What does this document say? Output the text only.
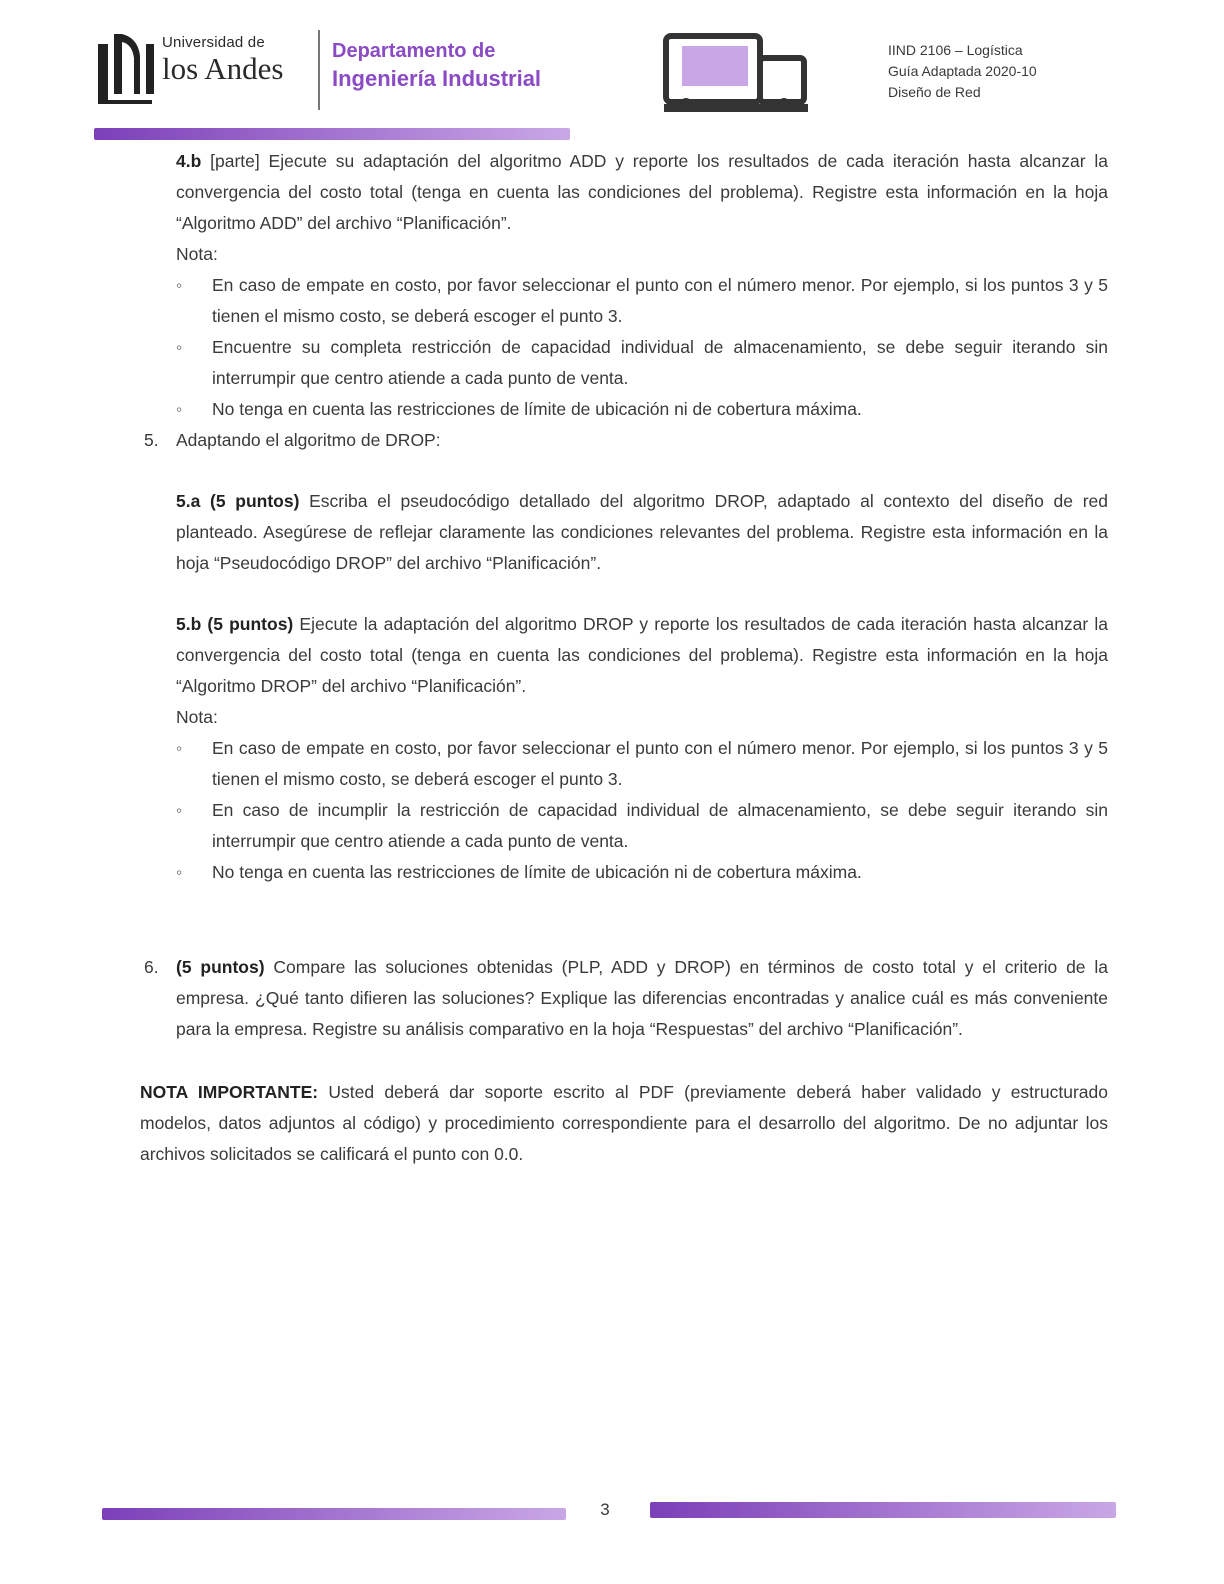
Universidad de
los Andes	Departamento de
Ingeniería Industrial
IIND 2106 – Logística
Guía Adaptada 2020-10
Diseño de Red

4.b [parte] Ejecute su adaptación del algoritmo ADD y reporte los resultados de cada iteración hasta alcanzar la convergencia del costo total (tenga en cuenta las condiciones del problema). Registre esta información en la hoja “Algoritmo ADD” del archivo “Planificación”.

Nota:
◦	En caso de empate en costo, por favor seleccionar el punto con el número menor. Por ejemplo, si los puntos 3 y 5 tienen el mismo costo, se deberá escoger el punto 3.
◦	Encuentre su completa restricción de capacidad individual de almacenamiento, se debe seguir iterando sin interrumpir que centro atiende a cada punto de venta.
◦	No tenga en cuenta las restricciones de límite de ubicación ni de cobertura máxima.
5. Adaptando el algoritmo de DROP:

5.a (5 puntos) Escriba el pseudocódigo detallado del algoritmo DROP, adaptado al contexto del diseño de red planteado. Asegúrese de reflejar claramente las condiciones relevantes del problema. Registre esta información en la hoja “Pseudocódigo DROP” del archivo “Planificación”.

5.b (5 puntos) Ejecute la adaptación del algoritmo DROP y reporte los resultados de cada iteración hasta alcanzar la convergencia del costo total (tenga en cuenta las condiciones del problema). Registre esta información en la hoja “Algoritmo DROP” del archivo “Planificación”.

Nota:
◦	En caso de empate en costo, por favor seleccionar el punto con el número menor. Por ejemplo, si los puntos 3 y 5 tienen el mismo costo, se deberá escoger el punto 3.
◦	En caso de incumplir la restricción de capacidad individual de almacenamiento, se debe seguir iterando sin interrumpir que centro atiende a cada punto de venta.
◦	No tenga en cuenta las restricciones de límite de ubicación ni de cobertura máxima.
6. (5 puntos) Compare las soluciones obtenidas (PLP, ADD y DROP) en términos de costo total y el criterio de la empresa. ¿Qué tanto difieren las soluciones? Explique las diferencias encontradas y analice cuál es más conveniente para la empresa. Registre su análisis comparativo en la hoja “Respuestas” del archivo “Planificación”.

NOTA IMPORTANTE: Usted deberá dar soporte escrito al PDF (previamente deberá haber validado y estructurado modelos, datos adjuntos al código) y procedimiento correspondiente para el desarrollo del algoritmo. De no adjuntar los archivos solicitados se calificará el punto con 0.0.

3
